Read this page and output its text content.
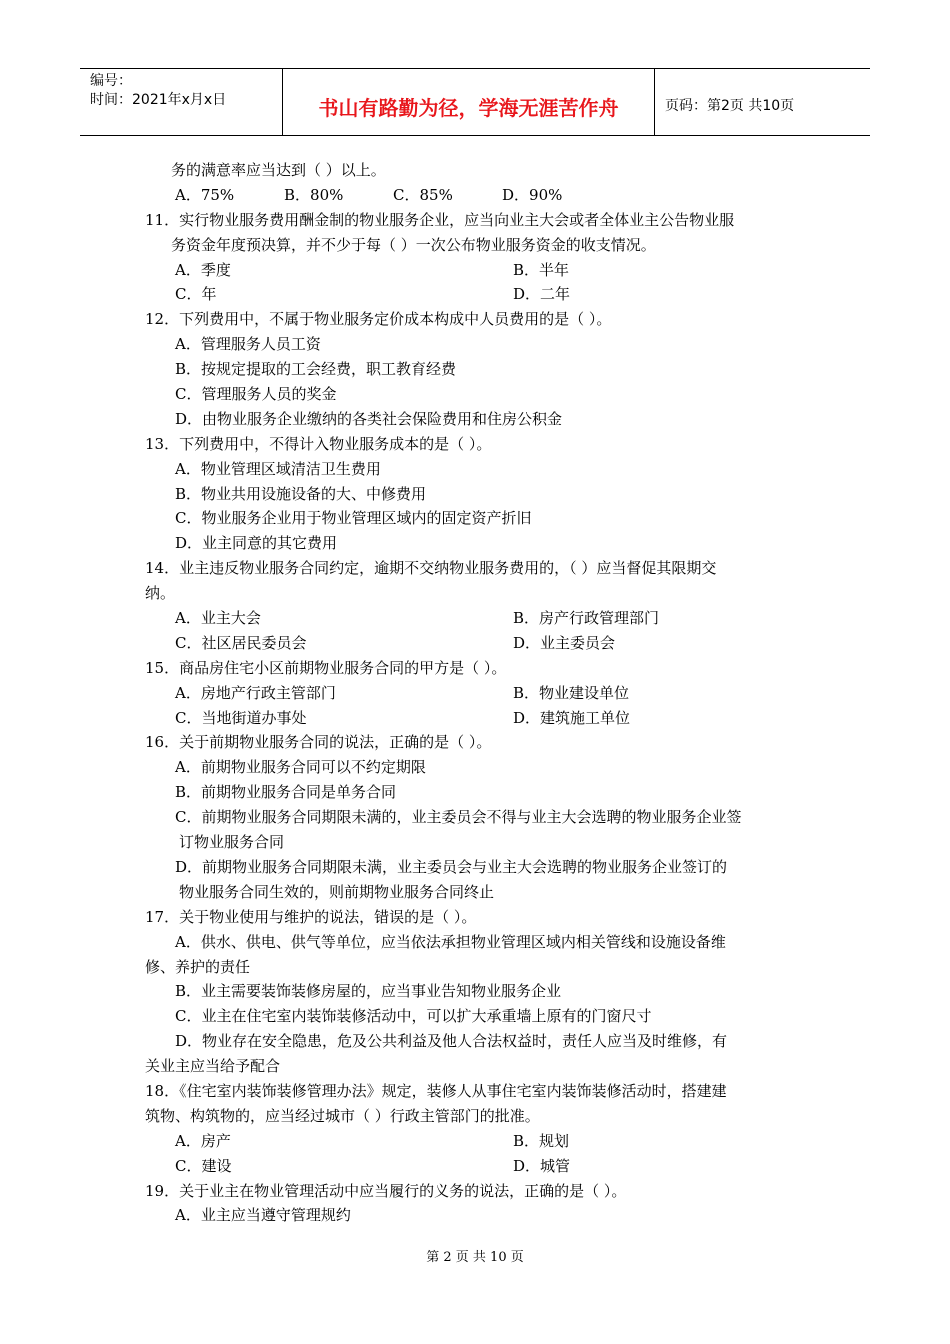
编号：
时间：2021年x月x日	书山有路勤为径，学海无涯苦作舟	页码：第2页 共10页
务的满意率应当达到（ ）以上。
A．75%	B．80%	C．85%	D．90%
11．实行物业服务费用酬金制的物业服务企业，应当向业主大会或者全体业主公告物业服
务资金年度预决算，并不少于每（ ）一次公布物业服务资金的收支情况。
A．季度	B．半年
C．年	D．二年
12．下列费用中，不属于物业服务定价成本构成中人员费用的是（ ）。
A．管理服务人员工资
B．按规定提取的工会经费，职工教育经费
C．管理服务人员的奖金
D．由物业服务企业缴纳的各类社会保险费用和住房公积金
13．下列费用中，不得计入物业服务成本的是（ ）。
A．物业管理区域清洁卫生费用
B．物业共用设施设备的大、中修费用
C．物业服务企业用于物业管理区域内的固定资产折旧
D．业主同意的其它费用
14．业主违反物业服务合同约定，逾期不交纳物业服务费用的，（ ）应当督促其限期交
纳。
A．业主大会	B．房产行政管理部门
C．社区居民委员会	D．业主委员会
15．商品房住宅小区前期物业服务合同的甲方是（ ）。
A．房地产行政主管部门	B．物业建设单位
C．当地街道办事处	D．建筑施工单位
16．关于前期物业服务合同的说法，正确的是（ ）。
A．前期物业服务合同可以不约定期限
B．前期物业服务合同是单务合同
C．前期物业服务合同期限未满的，业主委员会不得与业主大会选聘的物业服务企业签
订物业服务合同
D．前期物业服务合同期限未满，业主委员会与业主大会选聘的物业服务企业签订的
物业服务合同生效的，则前期物业服务合同终止
17．关于物业使用与维护的说法，错误的是（ ）。
A．供水、供电、供气等单位，应当依法承担物业管理区域内相关管线和设施设备维
修、养护的责任
B．业主需要装饰装修房屋的，应当事业告知物业服务企业
C．业主在住宅室内装饰装修活动中，可以扩大承重墙上原有的门窗尺寸
D．物业存在安全隐患，危及公共利益及他人合法权益时，责任人应当及时维修，有
关业主应当给予配合
18．《住宅室内装饰装修管理办法》规定，装修人从事住宅室内装饰装修活动时，搭建建
筑物、构筑物的，应当经过城市（ ）行政主管部门的批准。
A．房产	B．规划
C．建设	D．城管
19．关于业主在物业管理活动中应当履行的义务的说法，正确的是（ ）。
A．业主应当遵守管理规约
第 2 页 共 10 页
